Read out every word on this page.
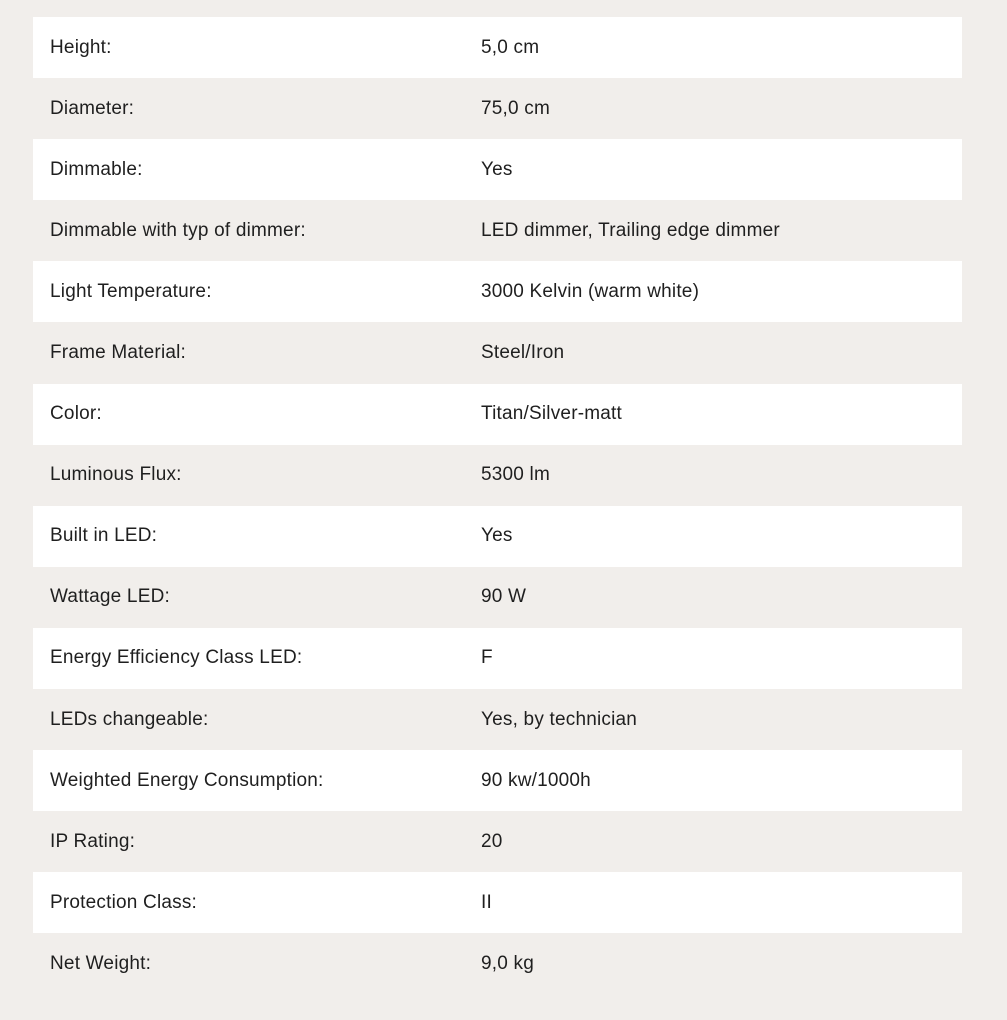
Height:	5,0 cm
Diameter:	75,0 cm
Dimmable:	Yes
Dimmable with typ of dimmer:	LED dimmer, Trailing edge dimmer
Light Temperature:	3000 Kelvin (warm white)
Frame Material:	Steel/Iron
Color:	Titan/Silver-matt
Luminous Flux:	5300 lm
Built in LED:	Yes
Wattage LED:	90 W
Energy Efficiency Class LED:	F
LEDs changeable:	Yes, by technician
Weighted Energy Consumption:	90 kw/1000h
IP Rating:	20
Protection Class:	II
Net Weight:	9,0 kg
